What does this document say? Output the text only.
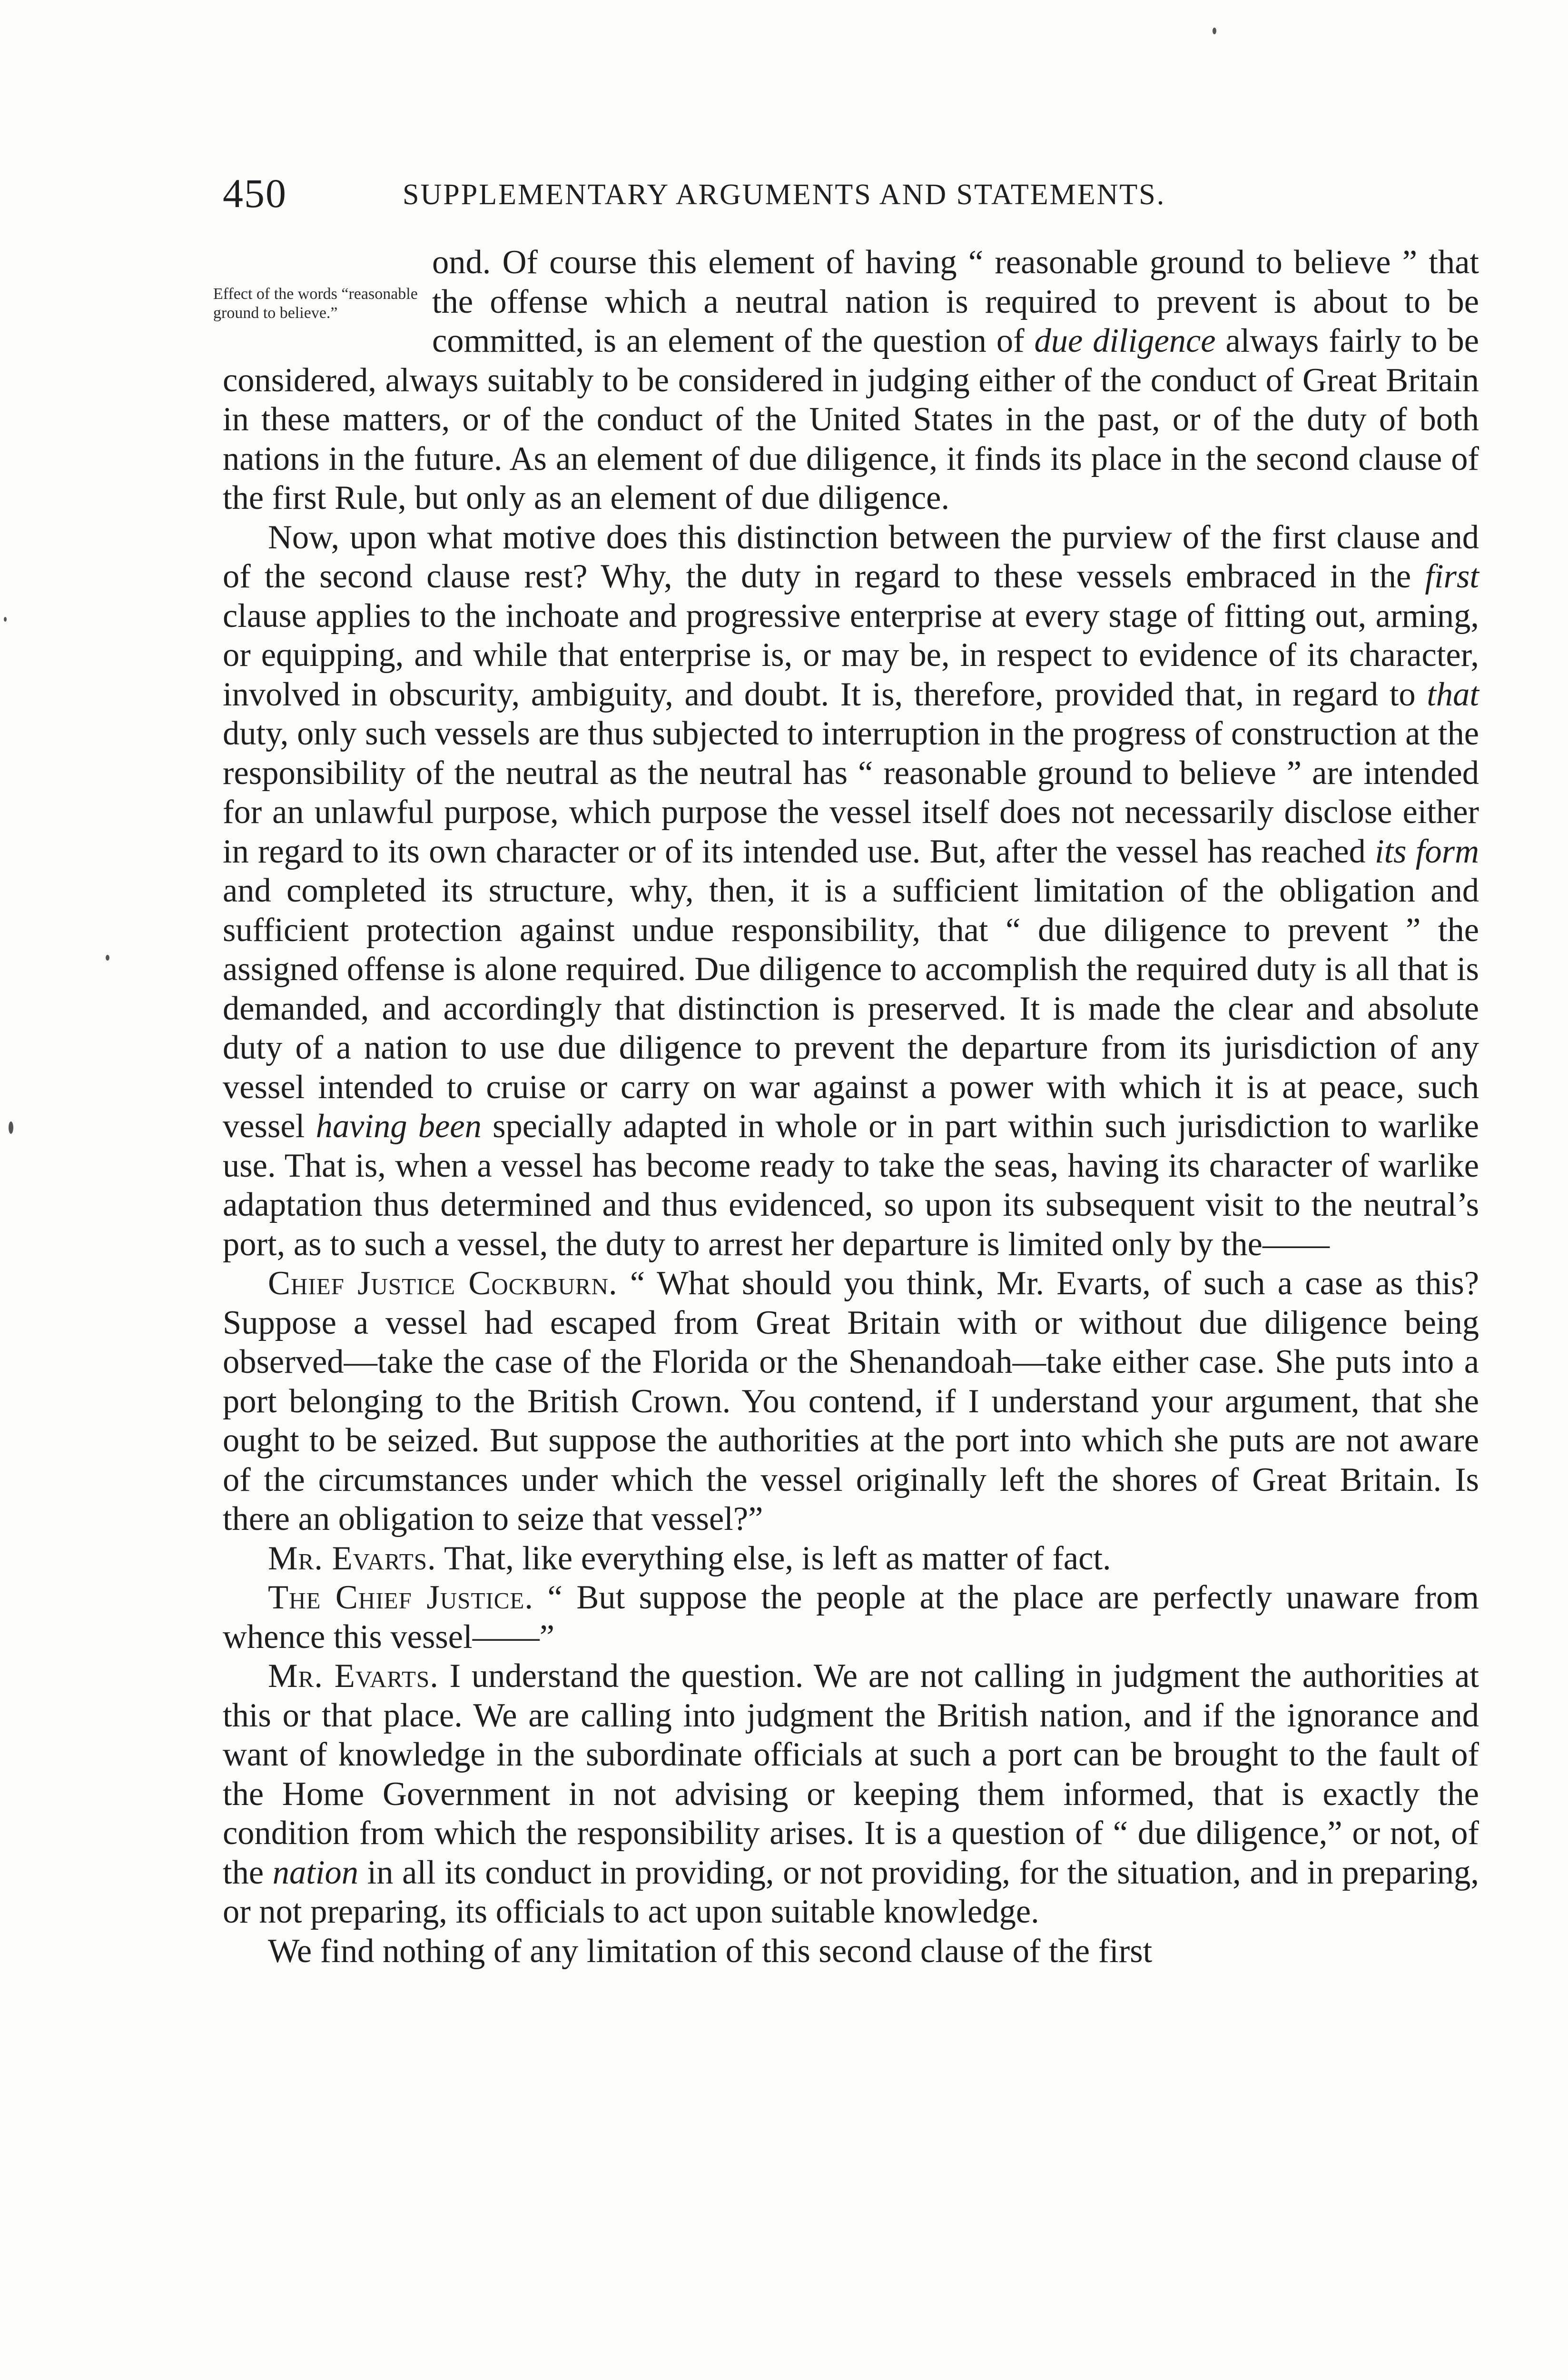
450	SUPPLEMENTARY ARGUMENTS AND STATEMENTS.
Effect of the words “reasonable ground to believe.”

ond. Of course this element of having “ reasonable ground to believe ” that the offense which a neutral nation is required to prevent is about to be committed, is an element of the question of due diligence always fairly to be considered, always suitably to be considered in judging either of the conduct of Great Britain in these matters, or of the conduct of the United States in the past, or of the duty of both nations in the future. As an element of due diligence, it finds its place in the second clause of the first Rule, but only as an element of due diligence.

Now, upon what motive does this distinction between the purview of the first clause and of the second clause rest? Why, the duty in regard to these vessels embraced in the first clause applies to the inchoate and progressive enterprise at every stage of fitting out, arming, or equipping, and while that enterprise is, or may be, in respect to evidence of its character, involved in obscurity, ambiguity, and doubt. It is, therefore, provided that, in regard to that duty, only such vessels are thus subjected to interruption in the progress of construction at the responsibility of the neutral as the neutral has “ reasonable ground to believe ” are intended for an unlawful purpose, which purpose the vessel itself does not necessarily disclose either in regard to its own character or of its intended use. But, after the vessel has reached its form and completed its structure, why, then, it is a sufficient limitation of the obligation and sufficient protection against undue responsibility, that “ due diligence to prevent ” the assigned offense is alone required. Due diligence to accomplish the required duty is all that is demanded, and accordingly that distinction is preserved. It is made the clear and absolute duty of a nation to use due diligence to prevent the departure from its jurisdiction of any vessel intended to cruise or carry on war against a power with which it is at peace, such vessel having been specially adapted in whole or in part within such jurisdiction to warlike use. That is, when a vessel has become ready to take the seas, having its character of warlike adaptation thus determined and thus evidenced, so upon its subsequent visit to the neutral’s port, as to such a vessel, the duty to arrest her departure is limited only by the——

Chief Justice Cockburn. “ What should you think, Mr. Evarts, of such a case as this? Suppose a vessel had escaped from Great Britain with or without due diligence being observed—take the case of the Florida or the Shenandoah—take either case. She puts into a port belonging to the British Crown. You contend, if I understand your argument, that she ought to be seized. But suppose the authorities at the port into which she puts are not aware of the circumstances under which the vessel originally left the shores of Great Britain. Is there an obligation to seize that vessel?”

Mr. Evarts. That, like everything else, is left as matter of fact.

The Chief Justice. “ But suppose the people at the place are perfectly unaware from whence this vessel——”

Mr. Evarts. I understand the question. We are not calling in judgment the authorities at this or that place. We are calling into judgment the British nation, and if the ignorance and want of knowledge in the subordinate officials at such a port can be brought to the fault of the Home Government in not advising or keeping them informed, that is exactly the condition from which the responsibility arises. It is a question of “ due diligence,” or not, of the nation in all its conduct in providing, or not providing, for the situation, and in preparing, or not preparing, its officials to act upon suitable knowledge.

We find nothing of any limitation of this second clause of the first
